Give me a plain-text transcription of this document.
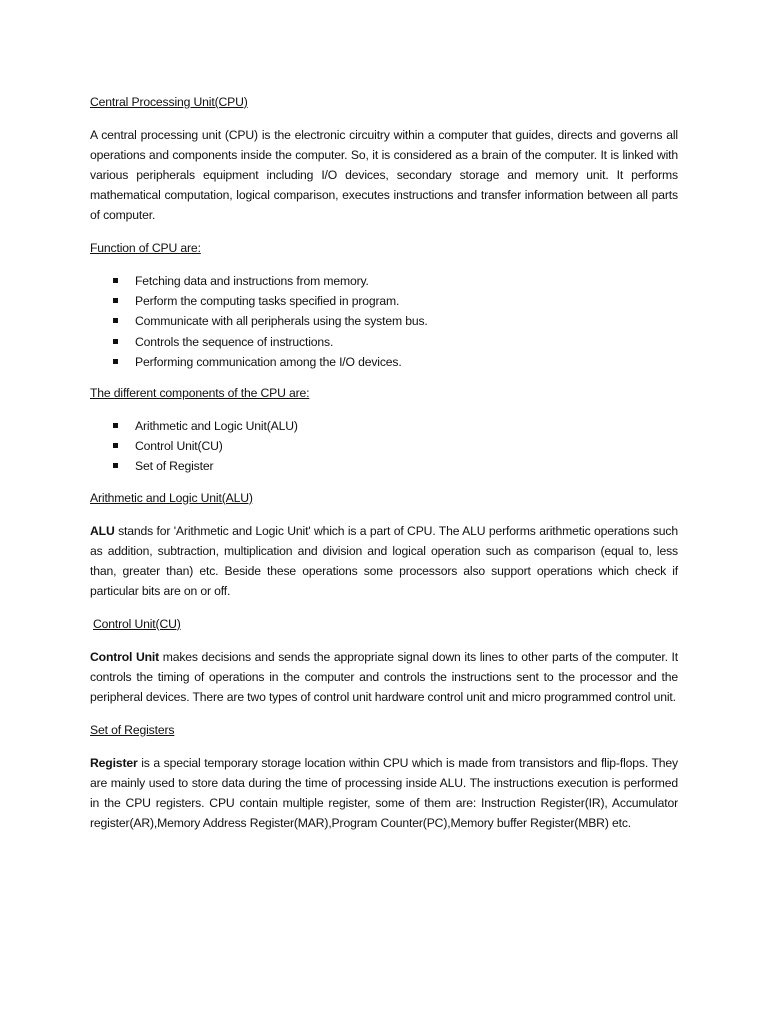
Central Processing Unit(CPU)

A central processing unit (CPU) is the electronic circuitry within a computer that guides, directs and governs all operations and components inside the computer. So, it is considered as a brain of the computer. It is linked with various peripherals equipment including I/O devices, secondary storage and memory unit. It performs mathematical computation, logical comparison, executes instructions and transfer information between all parts of computer.

Function of CPU are:
Fetching data and instructions from memory.
Perform the computing tasks specified in program.
Communicate with all peripherals using the system bus.
Controls the sequence of instructions.
Performing communication among the I/O devices.
The different components of the CPU are:
Arithmetic and Logic Unit(ALU)
Control Unit(CU)
Set of Register
Arithmetic and Logic Unit(ALU)

ALU stands for 'Arithmetic and Logic Unit' which is a part of CPU. The ALU performs arithmetic operations such as addition, subtraction, multiplication and division and logical operation such as comparison (equal to, less than, greater than) etc. Beside these operations some processors also support operations which check if particular bits are on or off.

Control Unit(CU)

Control Unit makes decisions and sends the appropriate signal down its lines to other parts of the computer. It controls the timing of operations in the computer and controls the instructions sent to the processor and the peripheral devices. There are two types of control unit hardware control unit and micro programmed control unit.

Set of Registers

Register is a special temporary storage location within CPU which is made from transistors and flip-flops. They are mainly used to store data during the time of processing inside ALU. The instructions execution is performed in the CPU registers. CPU contain multiple register, some of them are: Instruction Register(IR), Accumulator register(AR),Memory Address Register(MAR),Program Counter(PC),Memory buffer Register(MBR) etc.
